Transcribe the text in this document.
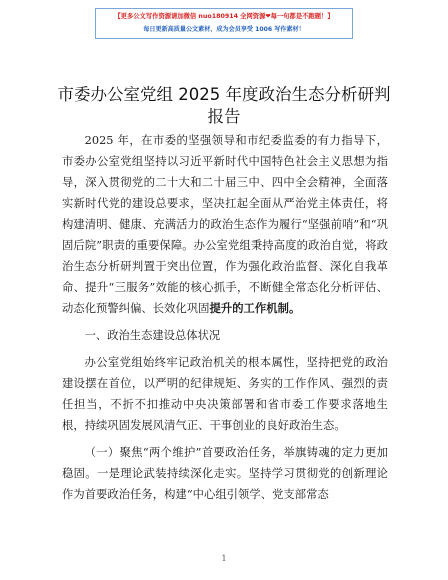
【更多公文写作资源请加微信 nuo180914 全网资源❤每一句都是不跑题！】
每日更新高质量公文素材，成为会员享受 1006 写作素材！
市委办公室党组 2025 年度政治生态分析研判报告

2025 年，在市委的坚强领导和市纪委监委的有力指导下，市委办公室党组坚持以习近平新时代中国特色社会主义思想为指导，深入贯彻党的二十大和二十届三中、四中全会精神，全面落实新时代党的建设总要求，坚决扛起全面从严治党主体责任，将构建清明、健康、充满活力的政治生态作为履行“坚强前哨”和“巩固后院”职责的重要保障。办公室党组秉持高度的政治自觉，将政治生态分析研判置于突出位置，作为强化政治监督、深化自我革命、提升“三服务”效能的核心抓手，不断健全常态化分析评估、动态化预警纠偏、长效化巩固提升的工作机制。

一、政治生态建设总体状况

办公室党组始终牢记政治机关的根本属性，坚持把党的政治建设摆在首位，以严明的纪律规矩、务实的工作作风、强烈的责任担当，不折不扣推动中央决策部署和省市委工作要求落地生根，持续巩固发展风清气正、干事创业的良好政治生态。

（一）聚焦“两个维护”首要政治任务，举旗铸魂的定力更加稳固。一是理论武装持续深化走实。坚持学习贯彻党的创新理论作为首要政治任务，构建“中心组引领学、党支部常态

1
